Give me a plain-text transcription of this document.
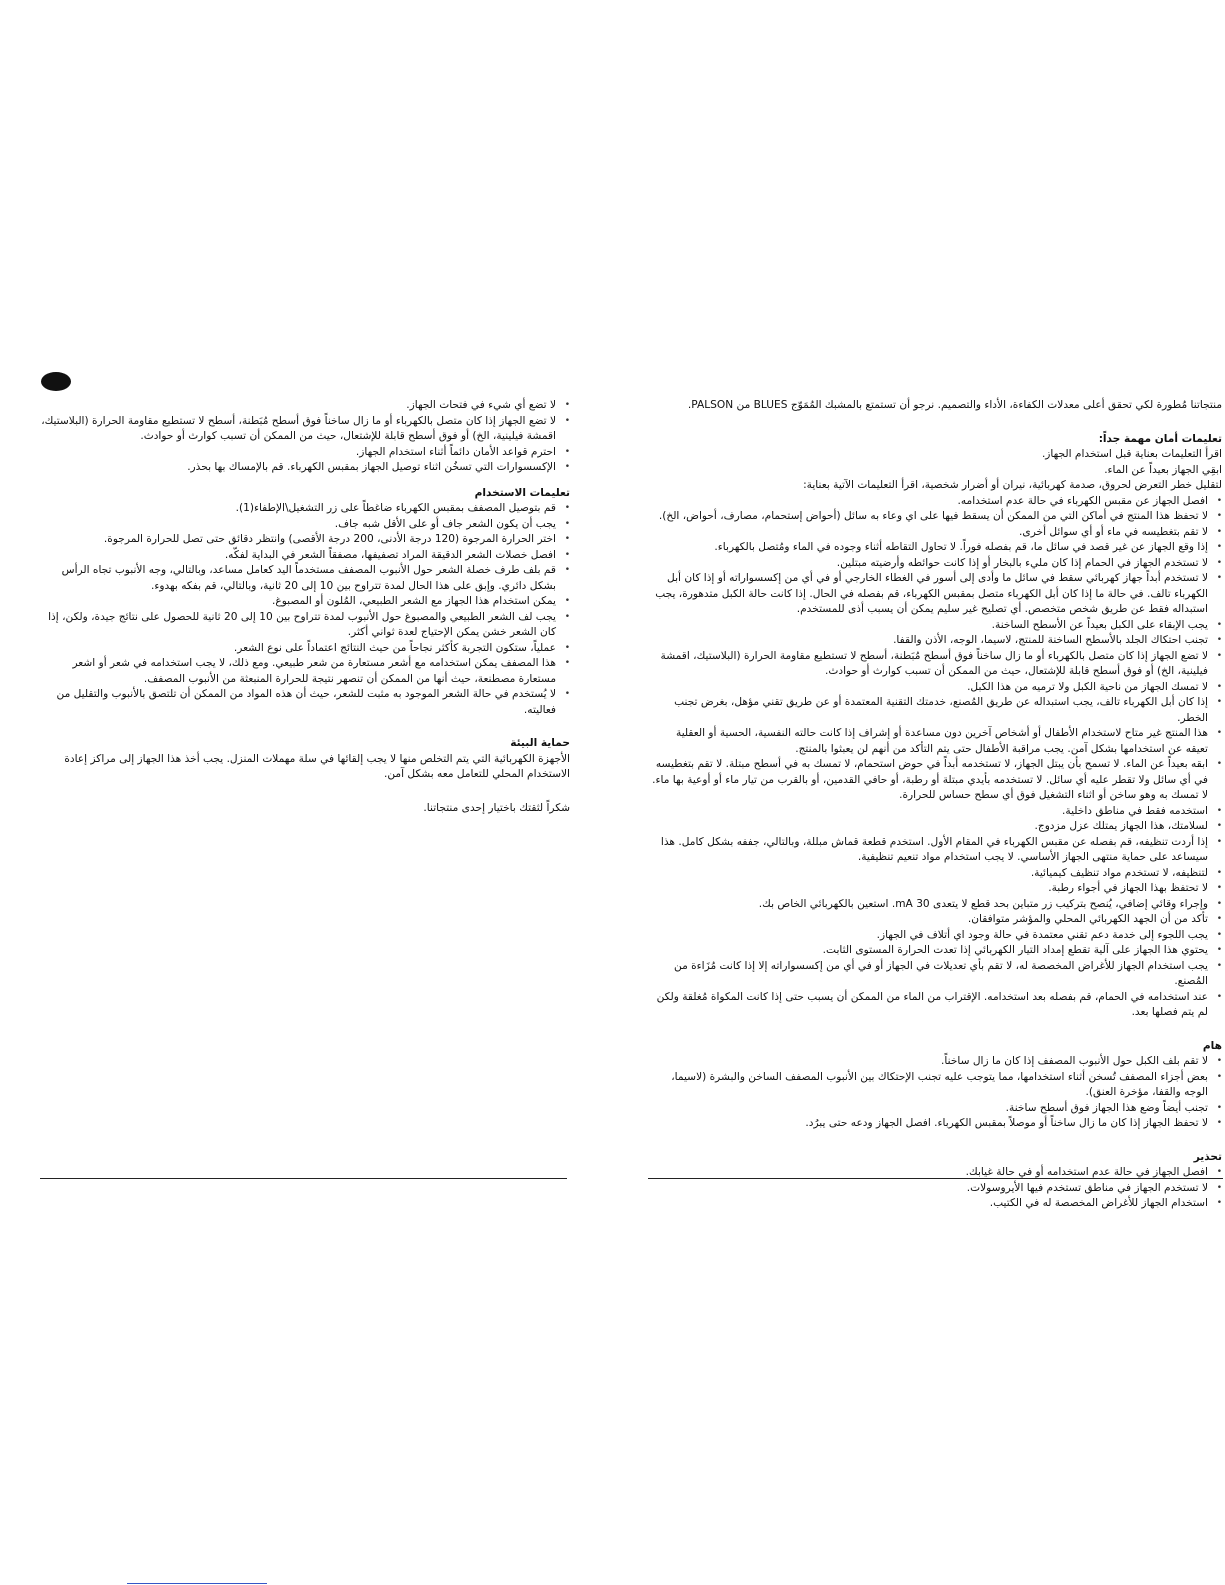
• لا تضع أي شيء في فتحات الجهاز.
• لا تضع الجهاز إذا كان متصل بالكهرباء أو ما زال ساخناً فوق أسطح مُبَطنة، أسطح لا تستطيع مقاومة الحرارة (البلاستيك، اقمشة فيلينية، الخ) أو فوق أسطح قابلة للإشتعال، حيث من الممكن أن تسبب كوارث أو حوادث.
• احترم قواعد الأمان دائماً أثناء استخدام الجهاز.
• الإكسسوارات التي تسخُن اثناء توصيل الجهاز بمقبس الكهرباء. قم بالإمساك بها بحذر.

تعليمات الاستخدام

• قم بتوصيل المصفف بمقبس الكهرباء ضاغطاً على زر التشغيل\الإطفاء(1).
• يجب أن يكون الشعر جاف أو على الأقل شبه جاف.
• اختر الحرارة المرجوة (120 درجة الأدنى، 200 درجة الأقصى) وانتظر دقائق حتى تصل للحرارة المرجوة.
• افصل خصلات الشعر الدقيقة المراد تصفيفها، مصفقاً الشعر في البداية لفكّه.
• قم بلف طرف خصلة الشعر حول الأنبوب المصفف مستخدماً اليد كعامل مساعد، وبالتالي، وجه الأنبوب تجاه الرأس بشكل دائري. وإبق على هذا الحال لمدة تتراوح بين 10 إلى 20 ثانية، وبالتالي، قم بفكه بهدوء.
• يمكن استخدام هذا الجهاز مع الشعر الطبيعي، المُلون أو المصبوغ.
• يجب لف الشعر الطبيعي والمصبوغ حول الأنبوب لمدة تتراوح بين 10 إلى 20 ثانية للحصول على نتائج جيدة، ولكن، إذا كان الشعر خشن يمكن الإحتياج لعدة ثواني أكثر.
• عملياً، ستكون التجربة كأكثر نجاحاً من حيث النتائج اعتماداً على نوع الشعر.
• هذا المصفف يمكن استخدامه مع أشعر مستعارة من شعر طبيعي. ومع ذلك، لا يجب استخدامه في شعر أو اشعر مستعارة مصطنعة، حيث أنها من الممكن أن تنصهر نتيجة للحرارة المنبعثة من الأنبوب المصفف.
• لا يُستخدم في حالة الشعر الموجود به مثبت للشعر، حيث أن هذه المواد من الممكن أن تلتصق بالأنبوب والتقليل من فعاليته.

حماية البيئة

الأجهزة الكهربائية التي يتم التخلص منها لا يجب إلقائها في سلة مهملات المنزل. يجب أخذ هذا الجهاز إلى مراكز إعادة الاستخدام المحلي للتعامل معه بشكل آمن.

شكراً لثقتك باختيار إحدى منتجاتنا.

منتجاتنا مُطورة لكي تحقق أعلى معدلات الكفاءة، الأداء والتصميم. نرجو أن تستمتع بالمشبك المُمَوّج BLUES من PALSON.

تعليمات أمان مهمة جداً:

اقرأ التعليمات بعناية قبل استخدام الجهاز.

ابقِي الجهاز بعيداً عن الماء.

لتقليل خطر التعرض لحروق، صدمة كهربائية، نيران أو أضرار شخصية، اقرأ التعليمات الآتية بعناية:

• افصل الجهاز عن مقبس الكهرباء في حالة عدم استخدامه.
• لا تحفظ هذا المنتج في أماكن التي من الممكن أن يسقط فيها على اي وعاء به سائل (أحواض إستحمام، مصارف، أحواض، الخ).
• لا تقم بتغطيسه في ماء أو أي سوائل أخرى.
• إذا وقع الجهاز عن غير قصد في سائل ما، قم بفصله فوراً. لا تحاول التقاطه أثناء وجوده في الماء ومُتصل بالكهرباء.
• لا تستخدم الجهاز في الحمام إذا كان مليء بالبخار أو إذا كانت حوائطه وأرضيته مبتلين.
• لا تستخدم أبداً جهاز كهربائي سقط في سائل ما وأدى إلى أسور في الغطاء الخارجي أو في أي من إكسسواراته أو إذا كان أبل الكهرباء تالف. في حالة ما إذا كان أبل الكهرباء متصل بمقبس الكهرباء، قم بفصله في الحال. إذا كانت حالة الكبل متدهورة، يجب استبداله فقط عن طريق شخص متخصص. أي تصليح غير سليم يمكن أن يسبب أذى للمستخدم.
• يجب الإبقاء على الكبل بعيداً عن الأسطح الساخنة.
• تجنب احتكاك الجلد بالأسطح الساخنة للمنتج، لاسيما، الوجه، الأذن والقفا.
• لا تضع الجهاز إذا كان متصل بالكهرباء أو ما زال ساخناً فوق أسطح مُبَطنة، أسطح لا تستطيع مقاومة الحرارة (البلاستيك، اقمشة فيلينية، الخ) أو فوق أسطح قابلة للإشتعال، حيث من الممكن أن تسبب كوارث أو حوادث.
• لا تمسك الجهاز من ناحية الكبل ولا ترميه من هذا الكبل.
• إذا كان أبل الكهرباء تالف، يجب استبداله عن طريق المُصنع، خدمتك التقنية المعتمدة أو عن طريق تقني مؤهل، بغرض تجنب الخطر.
• هذا المنتج غير متاح لاستخدام الأطفال أو أشخاص آخرين دون مساعدة أو إشراف إذا كانت حالته النفسية، الحسية أو العقلية تعيقه عن استخدامها بشكل آمن. يجب مراقبة الأطفال حتى يتم التأكد من أنهم لن يعبثوا بالمنتج.
• ابقه بعيداً عن الماء. لا تسمح بأن يبتل الجهاز، لا تستخدمه أبداً في حوض استحمام، لا تمسك به في أسطح مبتلة. لا تقم بتغطيسه في أي سائل ولا تقطر عليه أي سائل. لا تستخدمه بأيدي مبتلة أو رطبة، أو حافي القدمين، أو بالقرب من تيار ماء أو أوعية بها ماء. لا تمسك به وهو ساخن أو اثناء التشغيل فوق أي سطح حساس للحرارة.
• استخدمه فقط في مناطق داخلية.
• لسلامتك، هذا الجهاز يمتلك عزل مزدوج.
• إذا أردت تنظيفه، قم بفصله عن مقبس الكهرباء في المقام الأول. استخدم قطعة قماش مبللة، وبالتالي، جففه بشكل كامل. هذا سيساعد على حماية منتهى الجهاز الأساسي. لا يجب استخدام مواد تنعيم تنظيفية.
• لتنظيفه، لا تستخدم مواد تنظيف كيميائية.
• لا تحتفظ بهذا الجهاز في أجواء رطبة.
• وإجراء وقائي إضافي، يُنصح بتركيب زر متباين بحد قطع لا يتعدى 30 mA. استعين بالكهربائي الخاص بك.
• تأكد من أن الجهد الكهربائي المحلي والمؤشر متوافقان.
• يجب اللجوء إلى خدمة دعم تقني معتمدة في حالة وجود اي أتلاف في الجهاز.
• يحتوي هذا الجهاز على آلية تقطع إمداد التيار الكهربائي إذا تعدت الحرارة المستوى الثابت.
• يجب استخدام الجهاز للأغراض المخصصة له، لا تقم بأي تعديلات في الجهاز أو في أي من إكسسواراته إلا إذا كانت مُزَاءة من المُصنع.
• عند استخدامه في الحمام، قم بفصله بعد استخدامه. الإقتراب من الماء من الممكن أن يسبب حتى إذا كانت المكواة مُغلقة ولكن لم يتم فصلها بعد.

هام

• لا تقم بلف الكبل حول الأنبوب المصفف إذا كان ما زال ساخناً.
• بعض أجزاء المصفف تُسخن أثناء استخدامها، مما يتوجب عليه تجنب الإحتكاك بين الأنبوب المصفف الساخن والبشرة (لاسيما، الوجه والقفا، مؤخرة العنق).
• تجنب أيضاً وضع هذا الجهاز فوق أسطح ساخنة.
• لا تحفظ الجهاز إذا كان ما زال ساخناً أو موصلاً بمقبس الكهرباء. افصل الجهاز ودعه حتى يبرُد.

تحذير

• افصل الجهاز في حالة عدم استخدامه أو في حالة غيابك.
• لا تستخدم الجهاز في مناطق تستخدم فيها الأيروسولات.
• استخدام الجهاز للأغراض المخصصة له في الكتيب.
